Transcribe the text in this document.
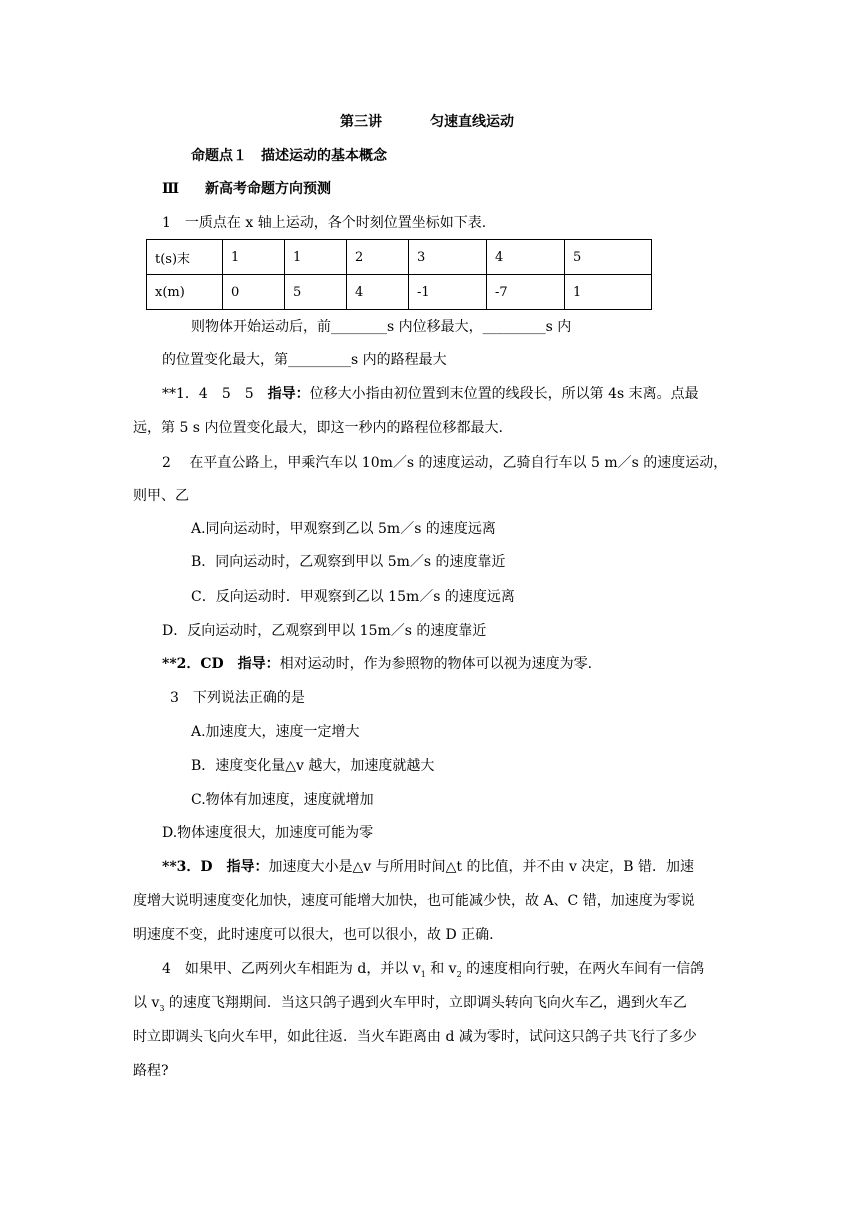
第三讲	匀速直线运动
命题点１　描述运动的基本概念
Ⅲ 新高考命题方向预测
1　一质点在 x 轴上运动，各个时刻位置坐标如下表.
t(s)末	1	1	2	3	4	5
x(m)	0	5	4	-1	-7	1
则物体开始运动后，前________s 内位移最大，_________s 内
的位置变化最大，第_________s 内的路程最大
**1．4　5　5　指导：位移大小指由初位置到末位置的线段长，所以第 4s 末离。点最
远，第 5 s 内位置变化最大，即这一秒内的路程位移都最大.
2　 在平直公路上，甲乘汽车以 10m／s 的速度运动，乙骑自行车以 5 m／s 的速度运动，
则甲、乙
A.同向运动时，甲观察到乙以 5m／s 的速度远离
B．同向运动时，乙观察到甲以 5m／s 的速度靠近
C．反向运动时．甲观察到乙以 15m／s 的速度远离
D．反向运动时，乙观察到甲以 15m／s 的速度靠近
**2．CD　指导：相对运动时，作为参照物的物体可以视为速度为零.
3　下列说法正确的是
A.加速度大，速度一定增大
B．速度变化量△v 越大，加速度就越大
C.物体有加速度，速度就增加
D.物体速度很大，加速度可能为零
**3．D　指导：加速度大小是△v 与所用时间△t 的比值，并不由 v 决定，B 错．加速
度增大说明速度变化加快，速度可能增大加快，也可能减少快，故 A、C 错，加速度为零说
明速度不变，此时速度可以很大，也可以很小，故 D 正确.
4　如果甲、乙两列火车相距为 d，并以 $v_1$ 和 $v_2$ 的速度相向行驶，在两火车间有一信鸽
以 $v_3$ 的速度飞翔期间．当这只鸽子遇到火车甲时，立即调头转向飞向火车乙，遇到火车乙
时立即调头飞向火车甲，如此往返．当火车距离由 d 减为零时，试问这只鸽子共飞行了多少
路程?
